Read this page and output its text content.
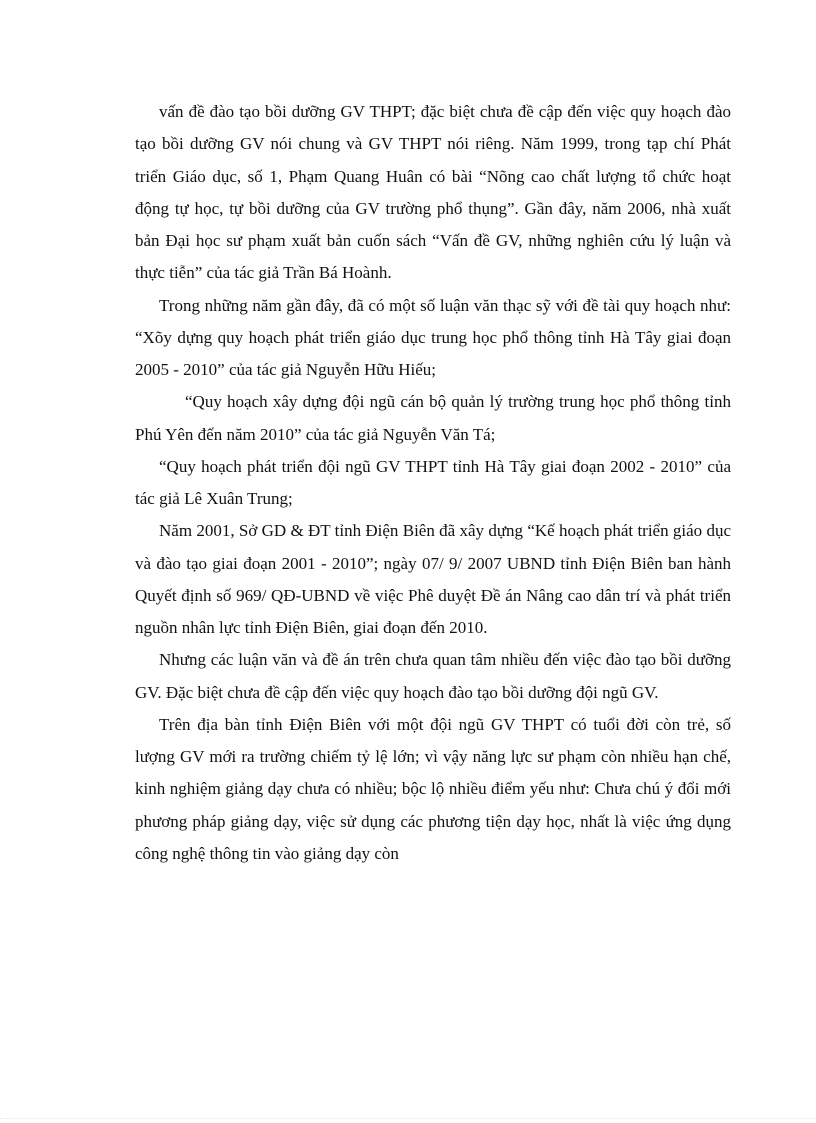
vấn đề đào tạo bồi dưỡng GV THPT; đặc biệt chưa đề cập đến việc quy hoạch đào tạo bồi dưỡng GV nói chung và GV THPT nói riêng. Năm 1999, trong tạp chí Phát triển Giáo dục, số 1, Phạm Quang Huân có bài “Nõng cao chất lượng tổ chức hoạt động tự học, tự bồi dưỡng của GV trường phổ thụng”. Gần đây, năm 2006, nhà xuất bản Đại học sư phạm xuất bản cuốn sách “Vấn đề GV, những nghiên cứu lý luận và thực tiễn” của tác giả Trần Bá Hoành.

Trong những năm gần đây, đã có một số luận văn thạc sỹ với đề tài quy hoạch như: “Xõy dựng quy hoạch phát triển giáo dục trung học phổ thông tỉnh Hà Tây giai đoạn 2005 - 2010” của tác giả Nguyễn Hữu Hiếu;

“Quy hoạch xây dựng đội ngũ cán bộ quản lý trường trung học phổ thông tỉnh Phú Yên đến năm 2010” của tác giả Nguyễn Văn Tá;

“Quy hoạch phát triển đội ngũ GV THPT tỉnh Hà Tây giai đoạn 2002 - 2010” của tác giả Lê Xuân Trung;

Năm 2001, Sở GD & ĐT tỉnh Điện Biên đã xây dựng “Kế hoạch phát triển giáo dục và đào tạo giai đoạn 2001 - 2010”; ngày 07/ 9/ 2007 UBND tỉnh Điện Biên ban hành Quyết định số 969/ QĐ-UBND về việc Phê duyệt Đề án Nâng cao dân trí và phát triển nguồn nhân lực tỉnh Điện Biên, giai đoạn đến 2010.

Nhưng các luận văn và đề án trên chưa quan tâm nhiều đến việc đào tạo bồi dưỡng GV. Đặc biệt chưa đề cập đến việc quy hoạch đào tạo bồi dưỡng đội ngũ GV.

Trên địa bàn tỉnh Điện Biên với một đội ngũ GV THPT có tuổi đời còn trẻ, số lượng GV mới ra trường chiếm tỷ lệ lớn; vì vậy năng lực sư phạm còn nhiều hạn chế, kinh nghiệm giảng dạy chưa có nhiều; bộc lộ nhiều điểm yếu như: Chưa chú ý đổi mới phương pháp giảng dạy, việc sử dụng các phương tiện dạy học, nhất là việc ứng dụng công nghệ thông tin vào giảng dạy còn
